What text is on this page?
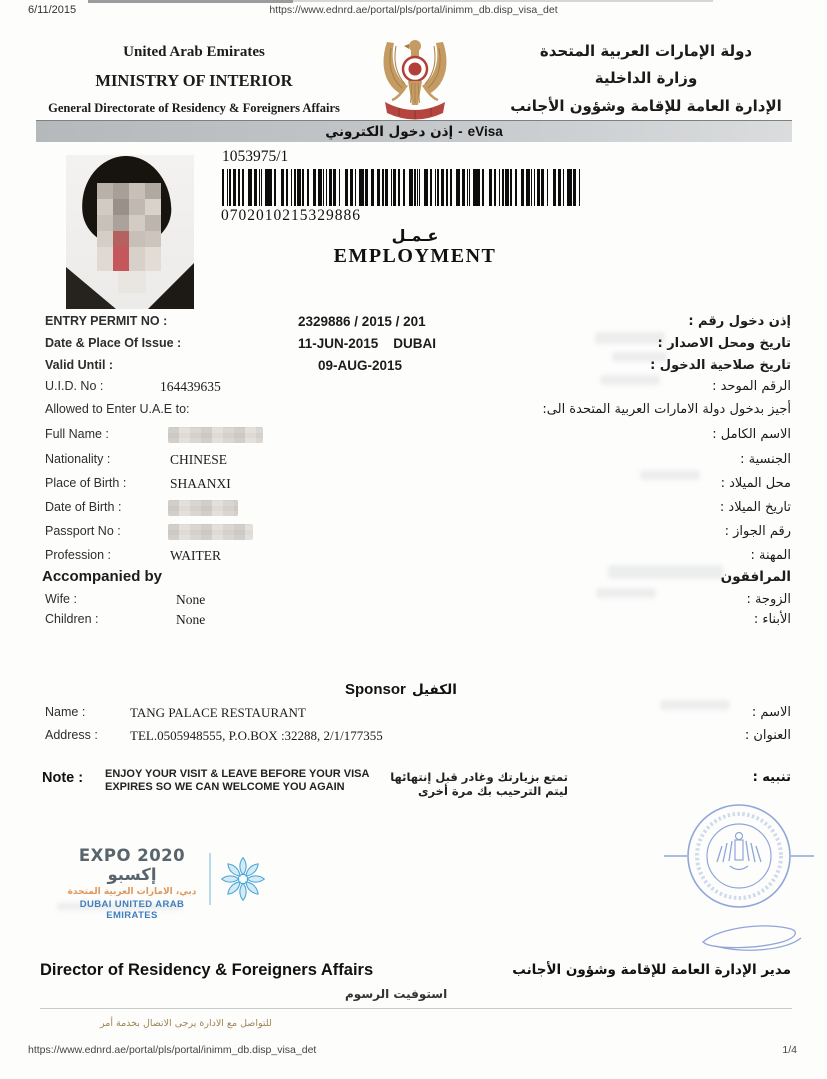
6/11/2015	https://www.ednrd.ae/portal/pls/portal/inimm_db.disp_visa_det
United Arab Emirates
MINISTRY OF INTERIOR
General Directorate of Residency & Foreigners Affairs
دولة الإمارات العربية المتحدة
وزارة الداخلية
الإدارة العامة للإقامة وشؤون الأجانب
إذن دخول الكتروني - eVisa
1053975/1
0702010215329886
عـمـل
EMPLOYMENT
ENTRY PERMIT NO :	2329886 / 2015 / 201	إذن دخول رقم :
Date & Place Of Issue :	11-JUN-2015    DUBAI	تاريخ ومحل الاصدار :
Valid Until :	09-AUG-2015	تاريخ صلاحية الدخول :
U.I.D. No :	164439635	الرقم الموحد :
Allowed to Enter U.A.E to:	أجيز بدخول دولة الامارات العربية المتحدة الى:
Full Name :	الاسم الكامل :
Nationality :	CHINESE	الجنسية :
Place of Birth :	SHAANXI	محل الميلاد :
Date of Birth :	تاريخ الميلاد :
Passport No :	رقم الجواز :
Profession :	WAITER	المهنة :
Accompanied by	المرافقون
Wife :	None	الزوجة :
Children :	None	الأبناء :
Sponsor الكفيل
Name :	TANG PALACE RESTAURANT	الاسم :
Address : TEL.0505948555, P.O.BOX :32288, 2/1/177355	العنوان :
Note : ENJOY YOUR VISIT & LEAVE BEFORE YOUR VISA
EXPIRES SO WE CAN WELCOME YOU AGAIN
تمتع بزيارتك وغادر قبل إنتهائها ليتم الترحيب بك مرة أخرى
تنبيه :
EXPO 2020 إكسبو
دبي، الامارات العربية المتحدة
DUBAI UNITED ARAB EMIRATES
Director of Residency & Foreigners Affairs	مدير الإدارة العامة للإقامة وشؤون الأجانب
استوفيت الرسوم
للتواصل مع الادارة يرجى الاتصال بخدمة أمر
https://www.ednrd.ae/portal/pls/portal/inimm_db.disp_visa_det	1/4
